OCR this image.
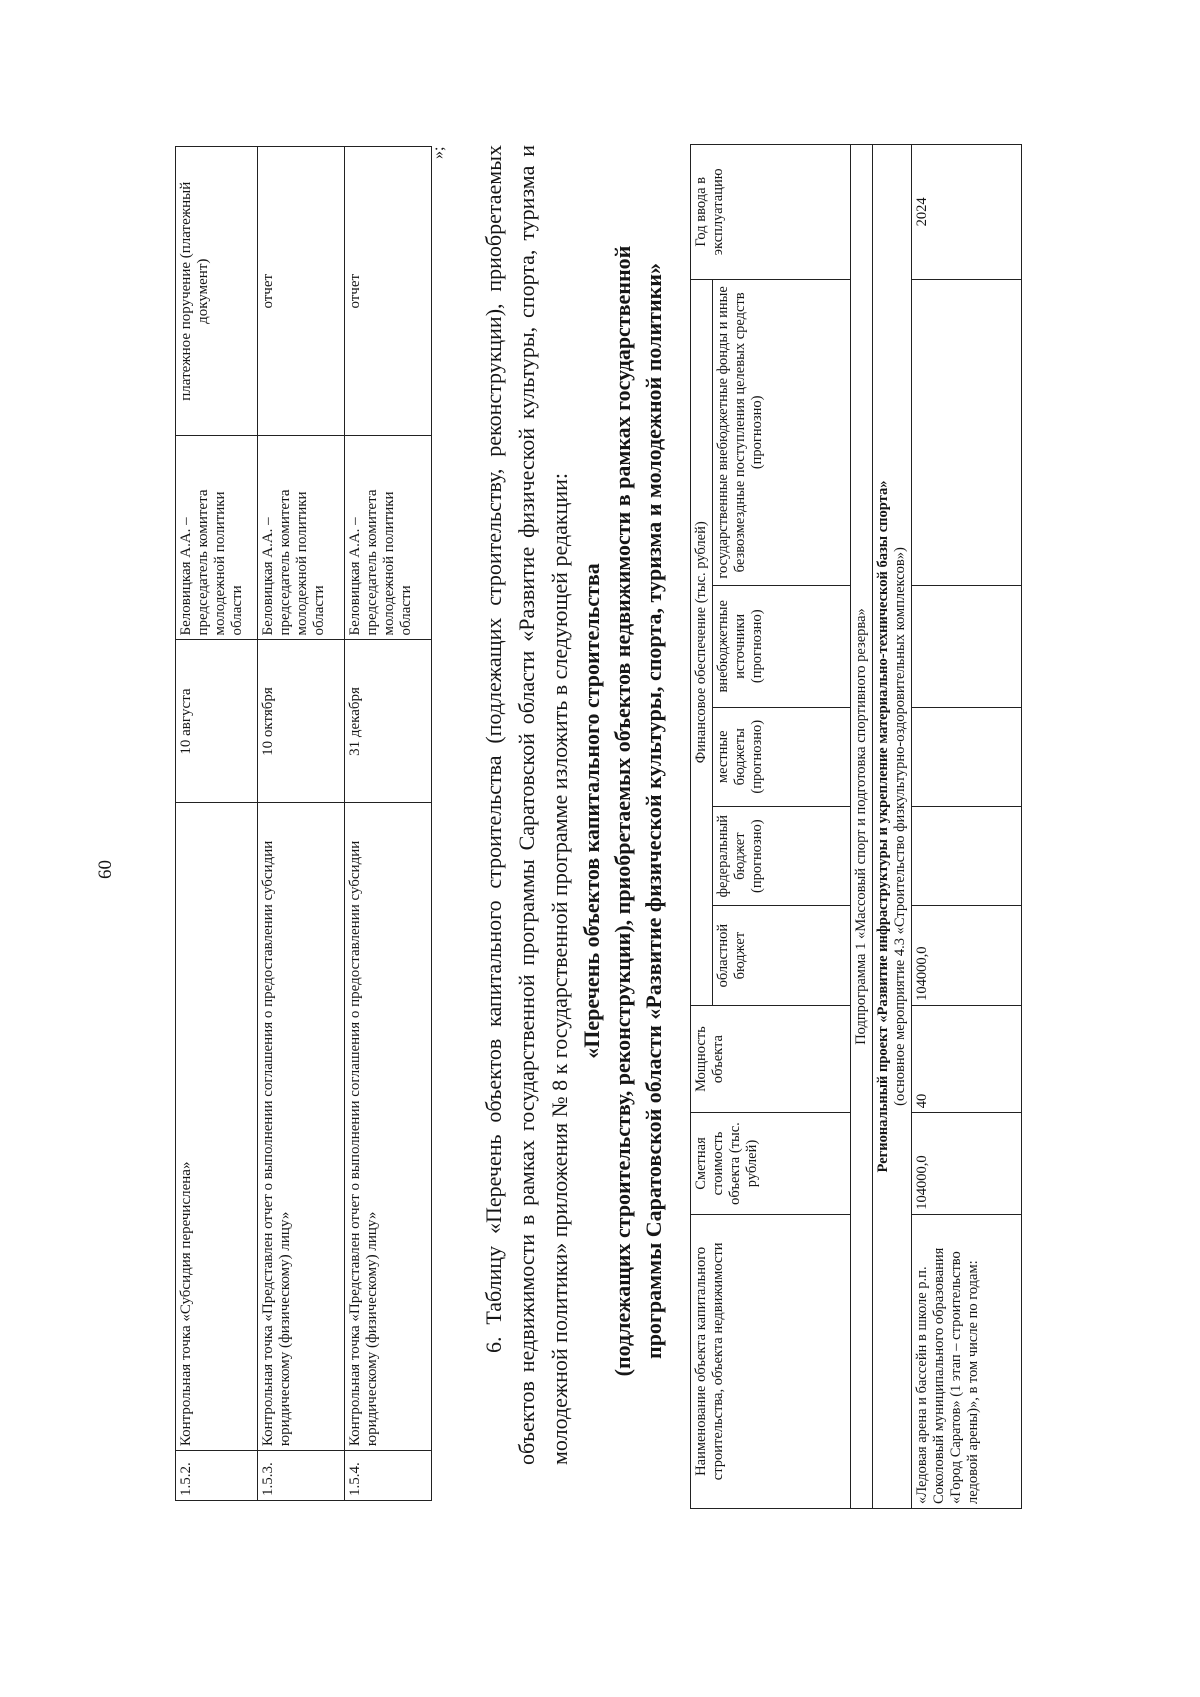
60
1.5.2.	Контрольная точка «Субсидия перечислена»	10 августа	Беловицкая А.А. – председатель комитета молодежной политики области	платежное поручение (платежный документ)
1.5.3.	Контрольная точка «Представлен отчет о выполнении соглашения о предоставлении субсидии юридическому (физическому) лицу»	10 октября	Беловицкая А.А. – председатель комитета молодежной политики области	отчет
1.5.4.	Контрольная точка «Представлен отчет о выполнении соглашения о предоставлении субсидии юридическому (физическому) лицу»	31 декабря	Беловицкая А.А. – председатель комитета молодежной политики области	отчет
»; 6. Таблицу «Перечень объектов капитального строительства (подлежащих строительству, реконструкции), приобретаемых объектов недвижимости в рамках государственной программы Саратовской области «Развитие физической культуры, спорта, туризма и молодежной политики» приложения № 8 к государственной программе изложить в следующей редакции: «Перечень объектов капитального строительства (подлежащих строительству, реконструкции), приобретаемых объектов недвижимости в рамках государственной программы Саратовской области «Развитие физической культуры, спорта, туризма и молодежной политики»
Наименование объекта капитального строительства, объекта недвижимости	Сметная стоимость объекта (тыс. рублей)	Мощность объекта	Финансовое обеспечение (тыс. рублей)					Год ввода в эксплуатацию
			областной бюджет	федеральный бюджет (прогнозно)	местные бюджеты (прогнозно)	внебюджетные источники (прогнозно)	государственные внебюджетные фонды и иные безвозмездные поступления целевых средств (прогнозно)	
Подпрограмма 1 «Массовый спорт и подготовка спортивного резерва»								

Региональный проект «Развитие инфраструктуры и укрепление материально-технической базы спорта» (основное мероприятие 4.3 «Строительство физкультурно-оздоровительных комплексов»)								

«Ледовая арена и бассейн в школе р.п. Соколовый муниципального образования «Город Саратов» (1 этап – строительство ледовой арены)», в том числе по годам:	104000,0	40	104000,0					2024
